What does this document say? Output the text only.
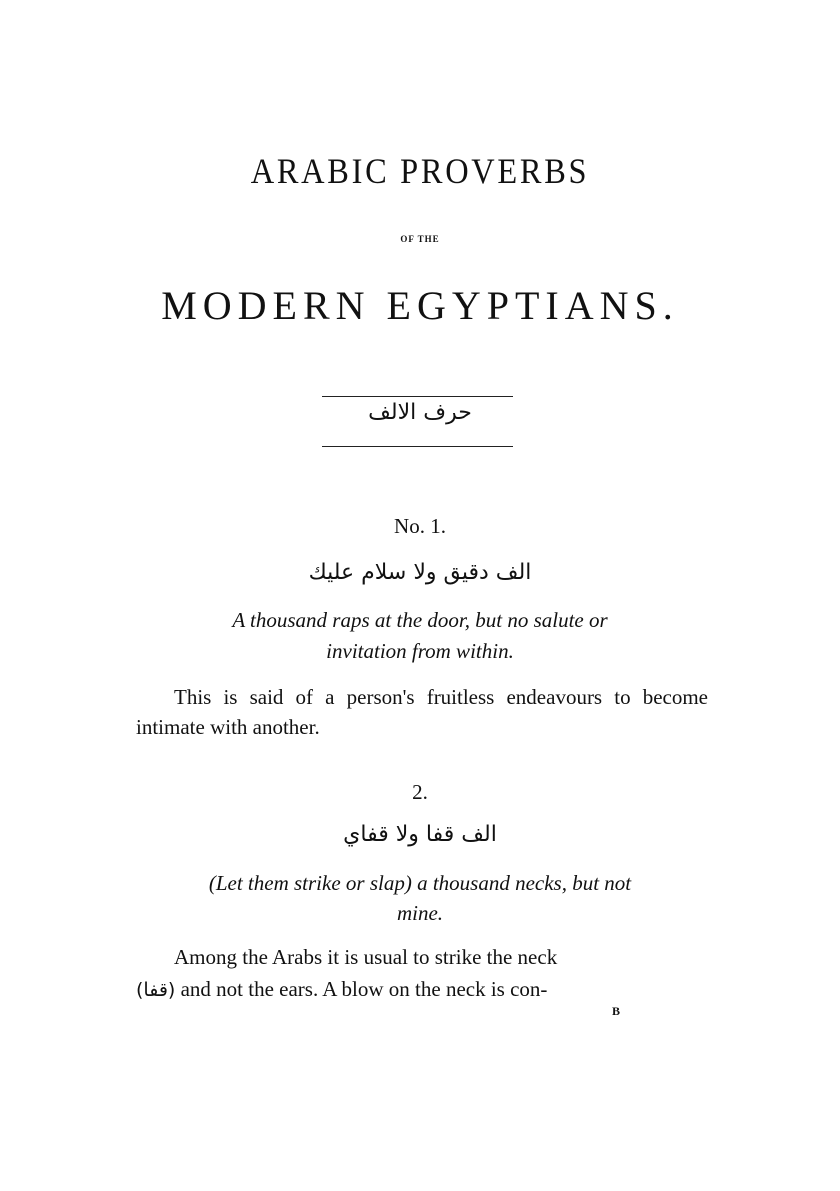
ARABIC PROVERBS
OF THE
MODERN EGYPTIANS.
حرف الالف
No. 1.
الف دقيق ولا سلام عليك
A thousand raps at the door, but no salute or
invitation from within.
This is said of a person's fruitless endeavours to become intimate with another.
2.
الف قفا ولا قفاي
(Let them strike or slap) a thousand necks, but not
mine.
Among the Arabs it is usual to strike the neck
(قفا) and not the ears. A blow on the neck is con-
B
